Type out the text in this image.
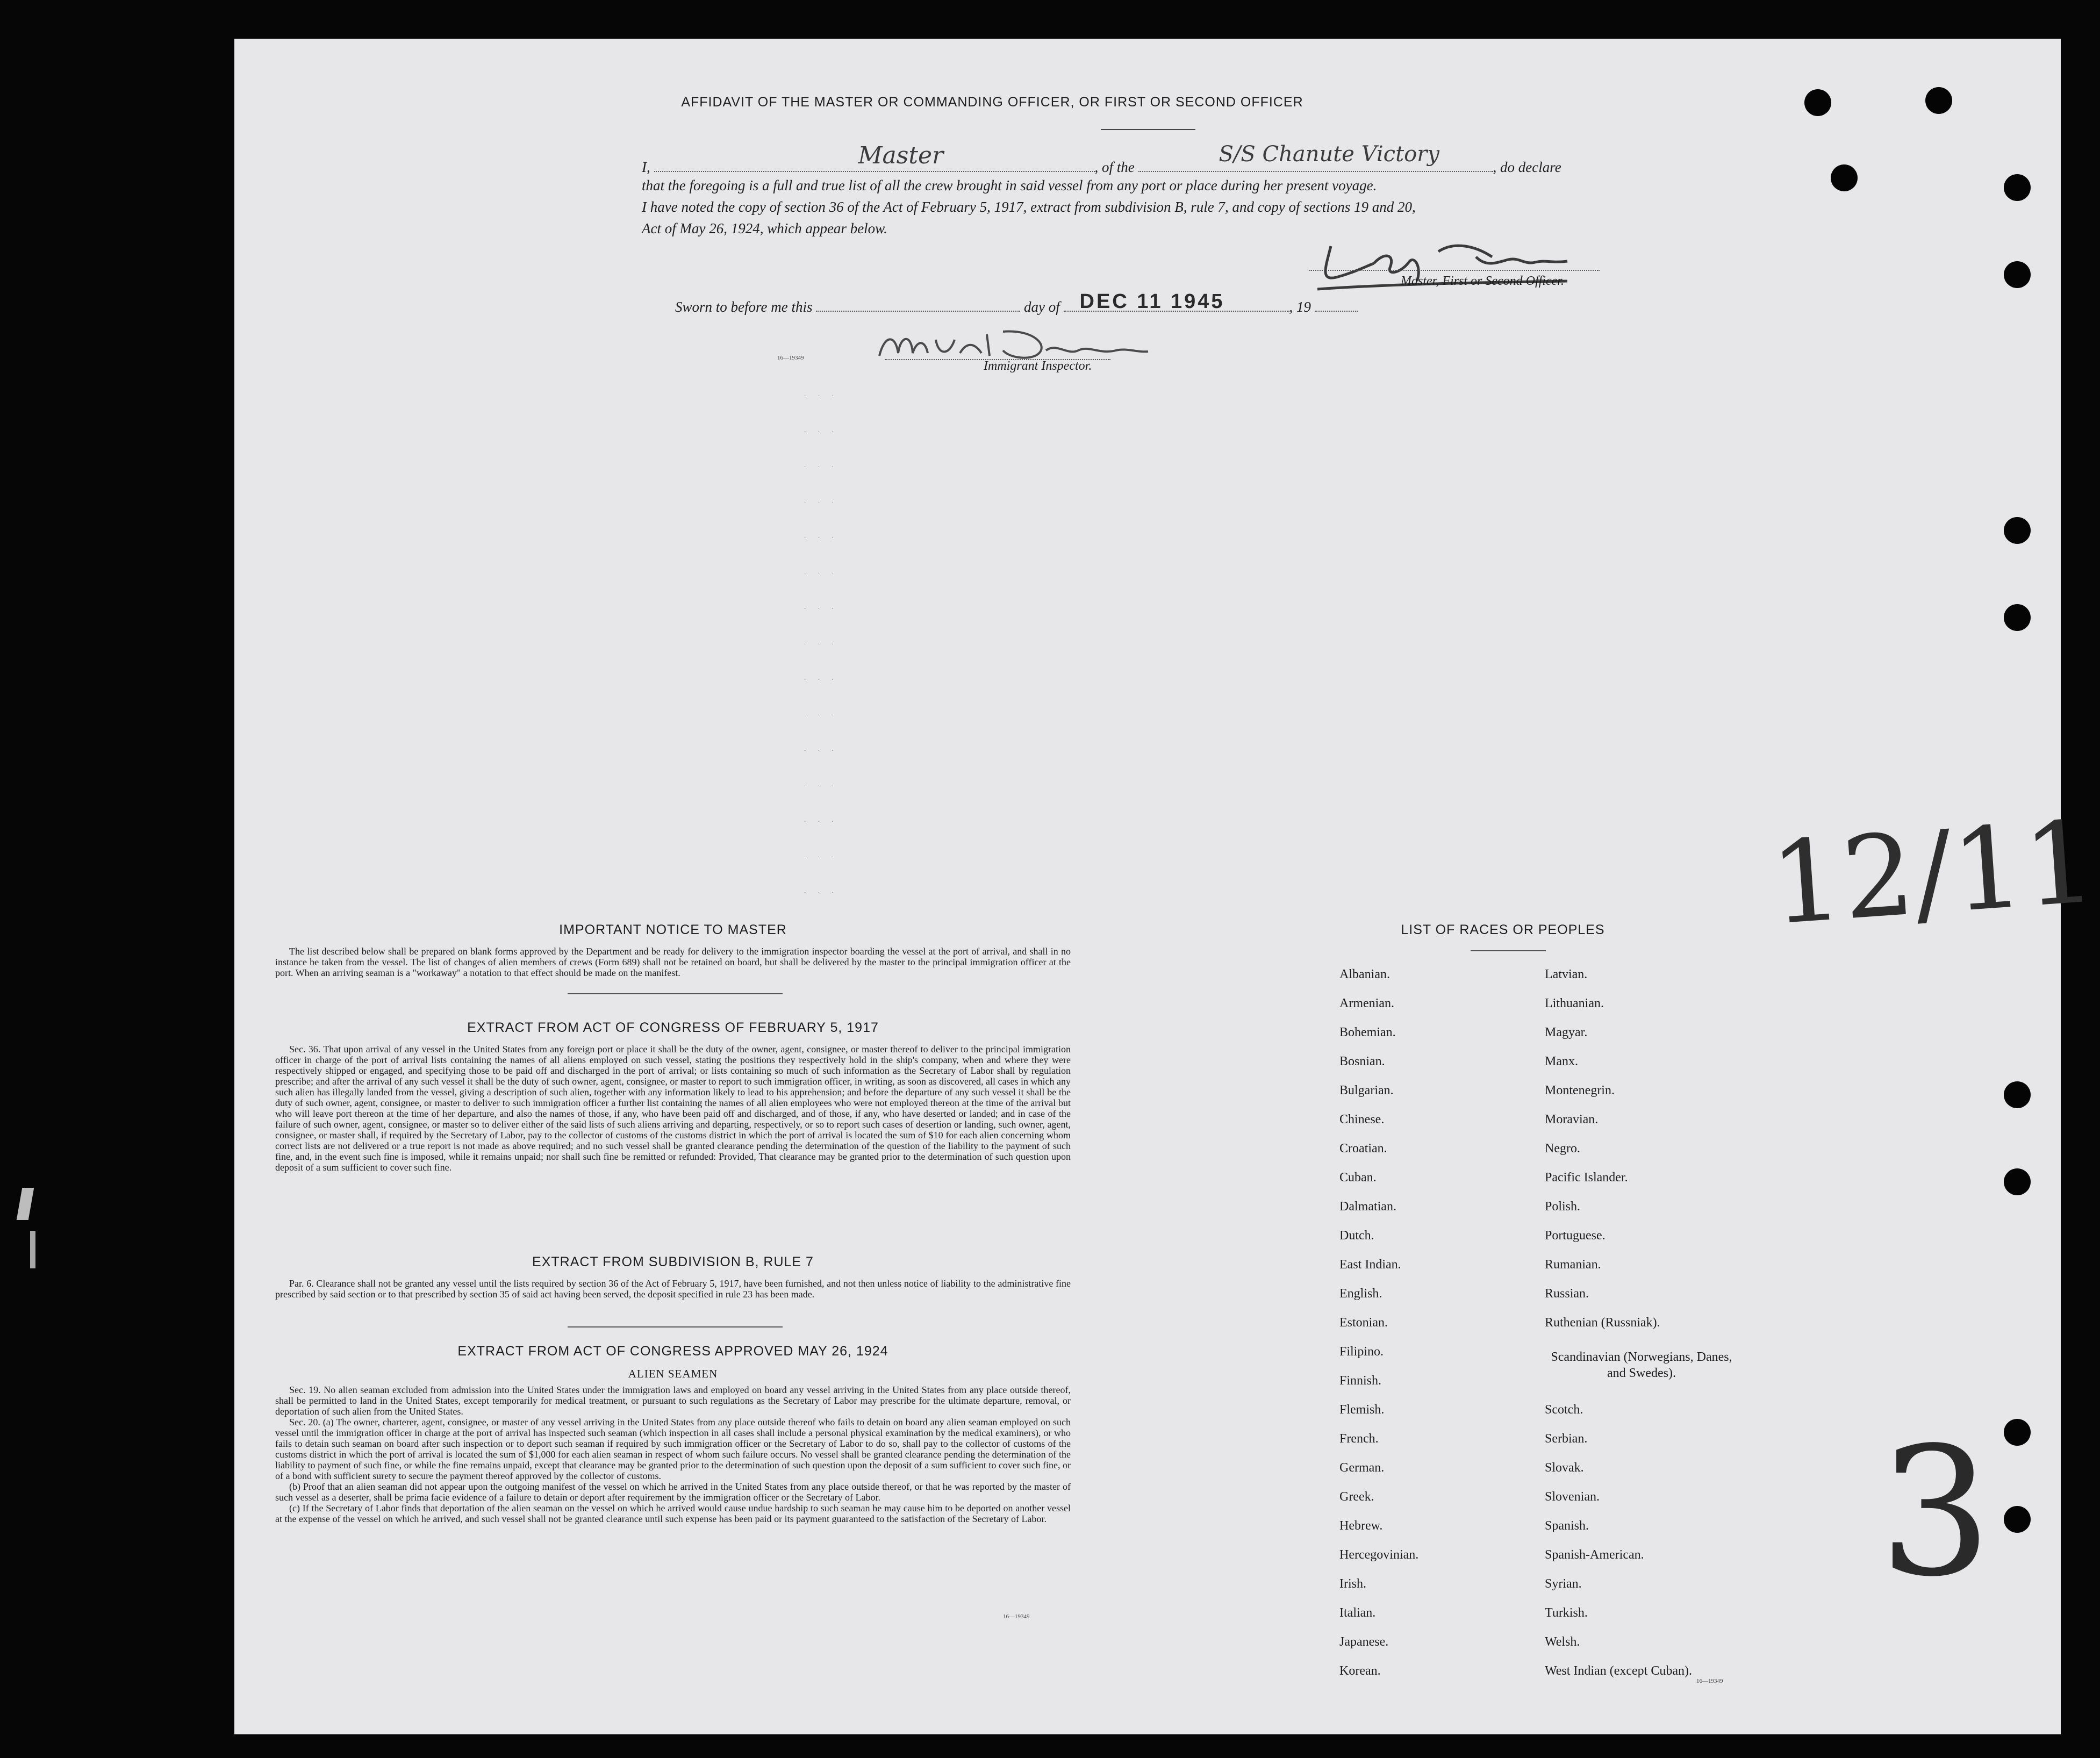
AFFIDAVIT OF THE MASTER OR COMMANDING OFFICER, OR FIRST OR SECOND OFFICER
I,	Master	, of the
S/S Chanute Victory
, do declare
that the foregoing is a full and true list of all the crew brought in said vessel from any port or place during her present voyage.
I have noted the copy of section 36 of the Act of February 5, 1917, extract from subdivision B, rule 7, and copy of sections 19 and 20,
Act of May 26, 1924, which appear below.
Master, First or Second Officer.
Sworn to before me this	day of DEC 11 1945	, 19
16—19349
Immigrant Inspector.
· · ·
· · ·
· · ·
· · ·
· · ·
· · ·
· · ·
· · ·
· · ·
· · ·
· · ·
· · ·
· · ·
· · ·
· · ·	12/11
3
IMPORTANT NOTICE TO MASTER

The list described below shall be prepared on blank forms approved by the Department and be ready for delivery to the immigration inspector boarding the vessel at the port of arrival, and shall in no instance be taken from the vessel. The list of changes of alien members of crews (Form 689) shall not be retained on board, but shall be delivered by the master to the principal immigration officer at the port. When an arriving seaman is a "workaway" a notation to that effect should be made on the manifest.

EXTRACT FROM ACT OF CONGRESS OF FEBRUARY 5, 1917

Sec. 36. That upon arrival of any vessel in the United States from any foreign port or place it shall be the duty of the owner, agent, consignee, or master thereof to deliver to the principal immigration officer in charge of the port of arrival lists containing the names of all aliens employed on such vessel, stating the positions they respectively hold in the ship's company, when and where they were respectively shipped or engaged, and specifying those to be paid off and discharged in the port of arrival; or lists containing so much of such information as the Secretary of Labor shall by regulation prescribe; and after the arrival of any such vessel it shall be the duty of such owner, agent, consignee, or master to report to such immigration officer, in writing, as soon as discovered, all cases in which any such alien has illegally landed from the vessel, giving a description of such alien, together with any information likely to lead to his apprehension; and before the departure of any such vessel it shall be the duty of such owner, agent, consignee, or master to deliver to such immigration officer a further list containing the names of all alien employees who were not employed thereon at the time of the arrival but who will leave port thereon at the time of her departure, and also the names of those, if any, who have been paid off and discharged, and of those, if any, who have deserted or landed; and in case of the failure of such owner, agent, consignee, or master so to deliver either of the said lists of such aliens arriving and departing, respectively, or so to report such cases of desertion or landing, such owner, agent, consignee, or master shall, if required by the Secretary of Labor, pay to the collector of customs of the customs district in which the port of arrival is located the sum of $10 for each alien concerning whom correct lists are not delivered or a true report is not made as above required; and no such vessel shall be granted clearance pending the determination of the question of the liability to the payment of such fine, and, in the event such fine is imposed, while it remains unpaid; nor shall such fine be remitted or refunded: Provided, That clearance may be granted prior to the determination of such question upon deposit of a sum sufficient to cover such fine.

EXTRACT FROM SUBDIVISION B, RULE 7

Par. 6. Clearance shall not be granted any vessel until the lists required by section 36 of the Act of February 5, 1917, have been furnished, and not then unless notice of liability to the administrative fine prescribed by said section or to that prescribed by section 35 of said act having been served, the deposit specified in rule 23 has been made.

EXTRACT FROM ACT OF CONGRESS APPROVED MAY 26, 1924
ALIEN SEAMEN

Sec. 19. No alien seaman excluded from admission into the United States under the immigration laws and employed on board any vessel arriving in the United States from any place outside thereof, shall be permitted to land in the United States, except temporarily for medical treatment, or pursuant to such regulations as the Secretary of Labor may prescribe for the ultimate departure, removal, or deportation of such alien from the United States.

Sec. 20. (a) The owner, charterer, agent, consignee, or master of any vessel arriving in the United States from any place outside thereof who fails to detain on board any alien seaman employed on such vessel until the immigration officer in charge at the port of arrival has inspected such seaman (which inspection in all cases shall include a personal physical examination by the medical examiners), or who fails to detain such seaman on board after such inspection or to deport such seaman if required by such immigration officer or the Secretary of Labor to do so, shall pay to the collector of customs of the customs district in which the port of arrival is located the sum of $1,000 for each alien seaman in respect of whom such failure occurs. No vessel shall be granted clearance pending the determination of the liability to payment of such fine, or while the fine remains unpaid, except that clearance may be granted prior to the determination of such question upon the deposit of a sum sufficient to cover such fine, or of a bond with sufficient surety to secure the payment thereof approved by the collector of customs.

(b) Proof that an alien seaman did not appear upon the outgoing manifest of the vessel on which he arrived in the United States from any place outside thereof, or that he was reported by the master of such vessel as a deserter, shall be prima facie evidence of a failure to detain or deport after requirement by the immigration officer or the Secretary of Labor.

(c) If the Secretary of Labor finds that deportation of the alien seaman on the vessel on which he arrived would cause undue hardship to such seaman he may cause him to be deported on another vessel at the expense of the vessel on which he arrived, and such vessel shall not be granted clearance until such expense has been paid or its payment guaranteed to the satisfaction of the Secretary of Labor.

16—19349
LIST OF RACES OR PEOPLES
Albanian.
Armenian.
Bohemian.
Bosnian.
Bulgarian.
Chinese.
Croatian.
Cuban.
Dalmatian.
Dutch.
East Indian.
English.
Estonian.
Filipino.
Finnish.
Flemish.
French.
German.
Greek.
Hebrew.
Hercegovinian.
Irish.
Italian.
Japanese.
Korean.
Latvian.
Lithuanian.
Magyar.
Manx.
Montenegrin.
Moravian.
Negro.
Pacific Islander.
Polish.
Portuguese.
Rumanian.
Russian.
Ruthenian (Russniak).
Scandinavian (Norwegians, Danes, and Swedes).
Scotch.
Serbian.
Slovak.
Slovenian.
Spanish.
Spanish-American.
Syrian.
Turkish.
Welsh.
West Indian (except Cuban).
16—19349
